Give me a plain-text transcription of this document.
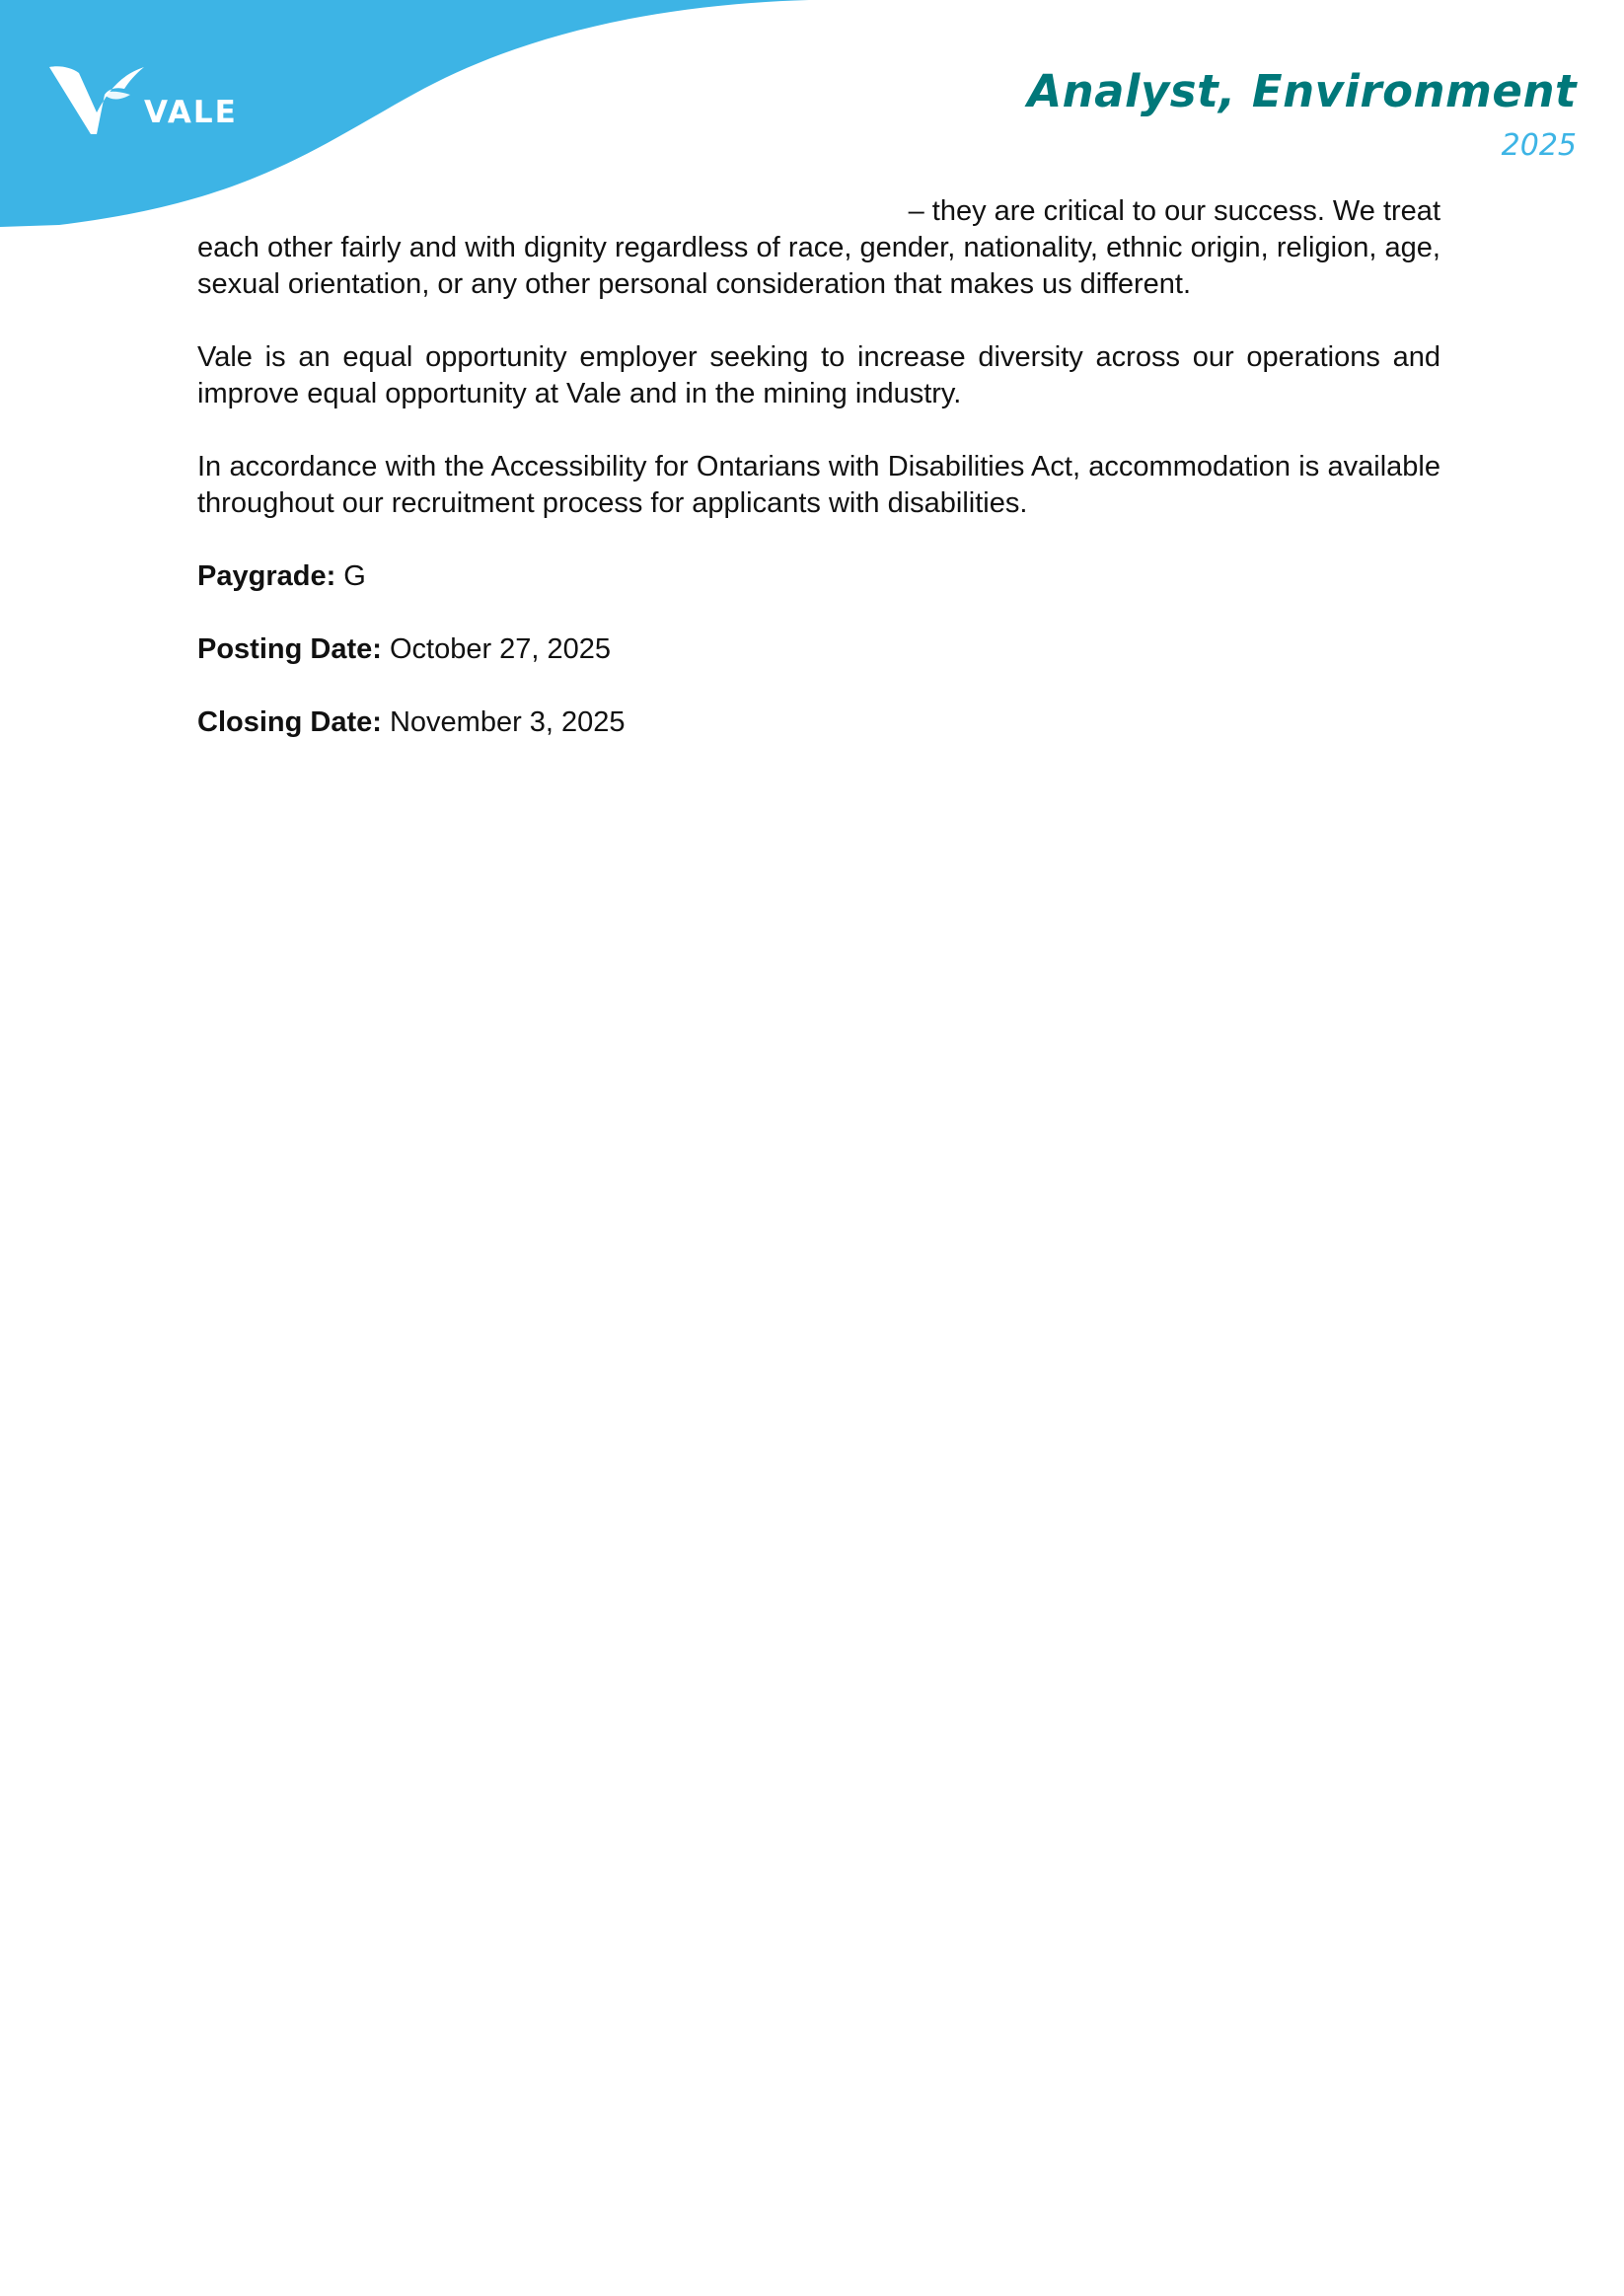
VALE	Analyst, Environment
2025

– they are critical to our success. We treat
each other fairly and with dignity regardless of race, gender, nationality, ethnic origin, religion, age, sexual orientation, or any other personal consideration that makes us different.

Vale is an equal opportunity employer seeking to increase diversity across our operations and improve equal opportunity at Vale and in the mining industry.

In accordance with the Accessibility for Ontarians with Disabilities Act, accommodation is available throughout our recruitment process for applicants with disabilities.

Paygrade: G

Posting Date: October 27, 2025

Closing Date: November 3, 2025
